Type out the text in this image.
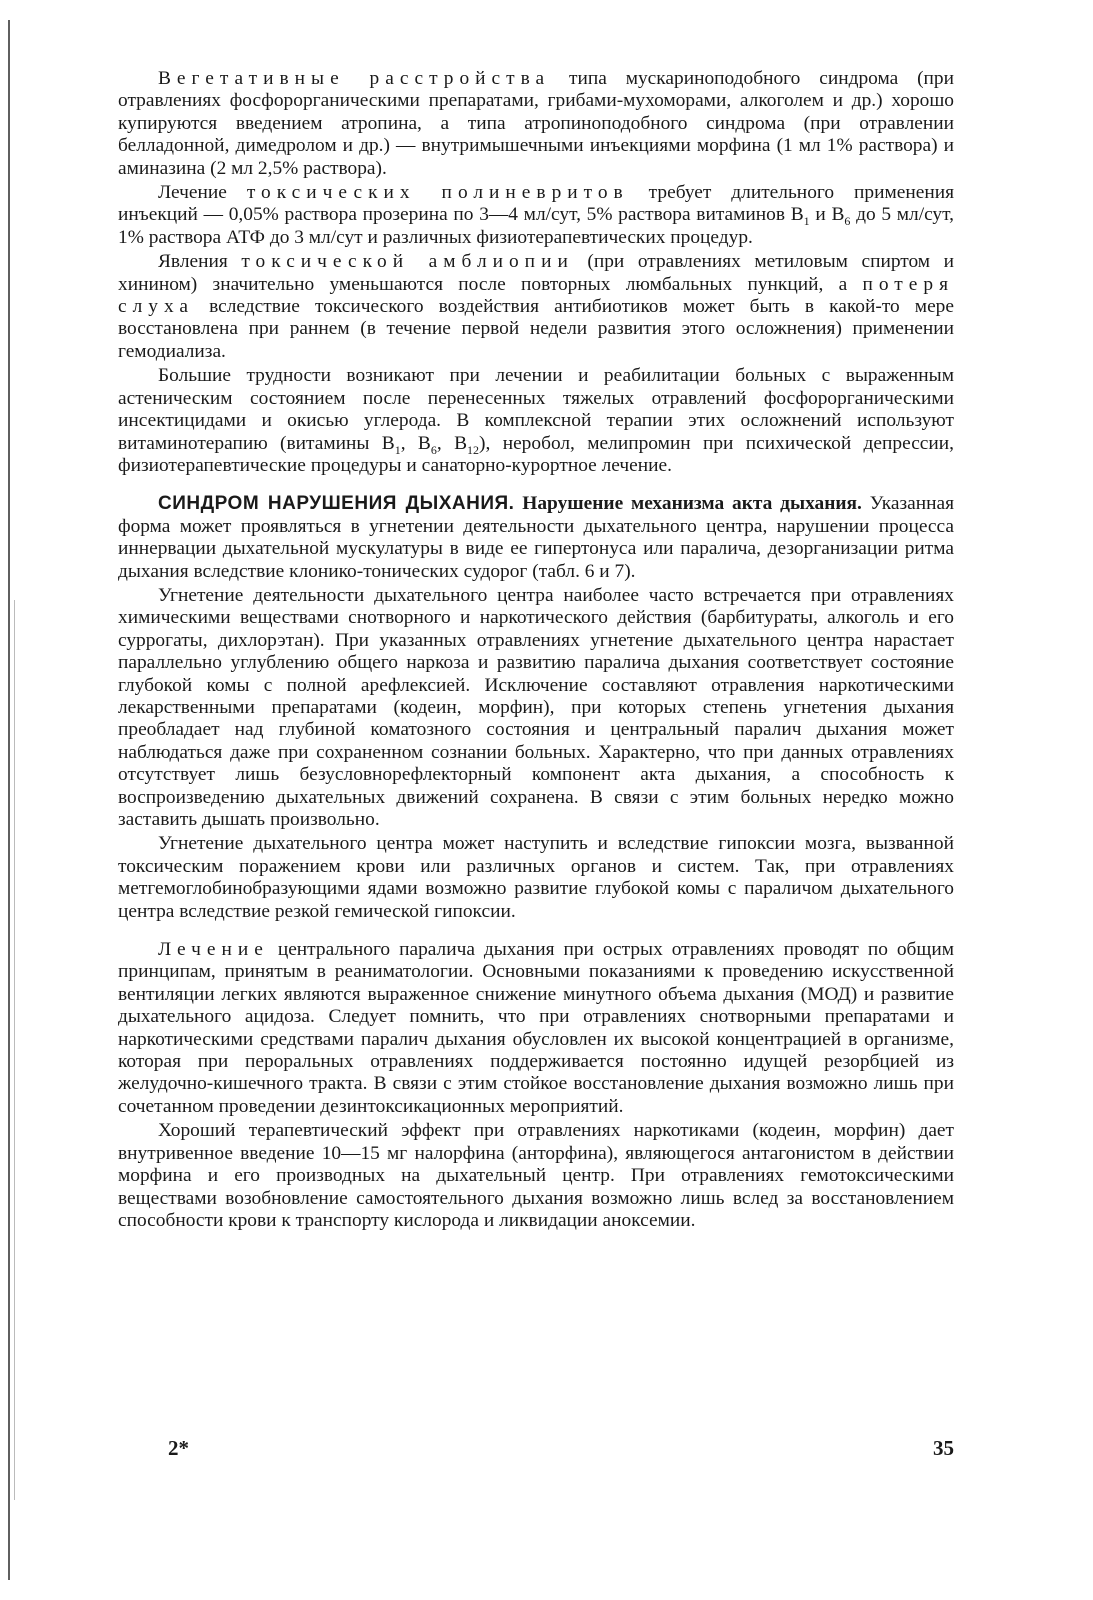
Вегетативные расстройства типа мускариноподобного синдрома (при отравлениях фосфорорганическими препаратами, грибами-мухоморами, алкоголем и др.) хорошо купируются введением атропина, а типа атропиноподобного синдрома (при отравлении белладонной, димедролом и др.) — внутримышечными инъекциями морфина (1 мл 1% раствора) и аминазина (2 мл 2,5% раствора).

Лечение токсических полиневритов требует длительного применения инъекций — 0,05% раствора прозерина по 3—4 мл/сут, 5% раствора витаминов $B_1$ и $B_6$ до 5 мл/сут, 1% раствора АТФ до 3 мл/сут и различных физиотерапевтических процедур.

Явления токсической амблиопии (при отравлениях метиловым спиртом и хинином) значительно уменьшаются после повторных люмбальных пункций, а потеря слуха вследствие токсического воздействия антибиотиков может быть в какой-то мере восстановлена при раннем (в течение первой недели развития этого осложнения) применении гемодиализа.

Большие трудности возникают при лечении и реабилитации больных с выраженным астеническим состоянием после перенесенных тяжелых отравлений фосфорорганическими инсектицидами и окисью углерода. В комплексной терапии этих осложнений используют витаминотерапию (витамины $B_1$, $B_6$, $B_{12}$), неробол, мелипромин при психической депрессии, физиотерапевтические процедуры и санаторно-курортное лечение.

СИНДРОМ НАРУШЕНИЯ ДЫХАНИЯ. Нарушение механизма акта дыхания. Указанная форма может проявляться в угнетении деятельности дыхательного центра, нарушении процесса иннервации дыхательной мускулатуры в виде ее гипертонуса или паралича, дезорганизации ритма дыхания вследствие клонико-тонических судорог (табл. 6 и 7).

Угнетение деятельности дыхательного центра наиболее часто встречается при отравлениях химическими веществами снотворного и наркотического действия (барбитураты, алкоголь и его суррогаты, дихлорэтан). При указанных отравлениях угнетение дыхательного центра нарастает параллельно углублению общего наркоза и развитию паралича дыхания соответствует состояние глубокой комы с полной арефлексией. Исключение составляют отравления наркотическими лекарственными препаратами (кодеин, морфин), при которых степень угнетения дыхания преобладает над глубиной коматозного состояния и центральный паралич дыхания может наблюдаться даже при сохраненном сознании больных. Характерно, что при данных отравлениях отсутствует лишь безусловнорефлекторный компонент акта дыхания, а способность к воспроизведению дыхательных движений сохранена. В связи с этим больных нередко можно заставить дышать произвольно.

Угнетение дыхательного центра может наступить и вследствие гипоксии мозга, вызванной токсическим поражением крови или различных органов и систем. Так, при отравлениях метгемоглобинобразующими ядами возможно развитие глубокой комы с параличом дыхательного центра вследствие резкой гемической гипоксии.

Лечение центрального паралича дыхания при острых отравлениях проводят по общим принципам, принятым в реаниматологии. Основными показаниями к проведению искусственной вентиляции легких являются выраженное снижение минутного объема дыхания (МОД) и развитие дыхательного ацидоза. Следует помнить, что при отравлениях снотворными препаратами и наркотическими средствами паралич дыхания обусловлен их высокой концентрацией в организме, которая при пероральных отравлениях поддерживается постоянно идущей резорбцией из желудочно-кишечного тракта. В связи с этим стойкое восстановление дыхания возможно лишь при сочетанном проведении дезинтоксикационных мероприятий.

Хороший терапевтический эффект при отравлениях наркотиками (кодеин, морфин) дает внутривенное введение 10—15 мг налорфина (анторфина), являющегося антагонистом в действии морфина и его производных на дыхательный центр. При отравлениях гемотоксическими веществами возобновление самостоятельного дыхания возможно лишь вслед за восстановлением способности крови к транспорту кислорода и ликвидации аноксемии.

2*	35
